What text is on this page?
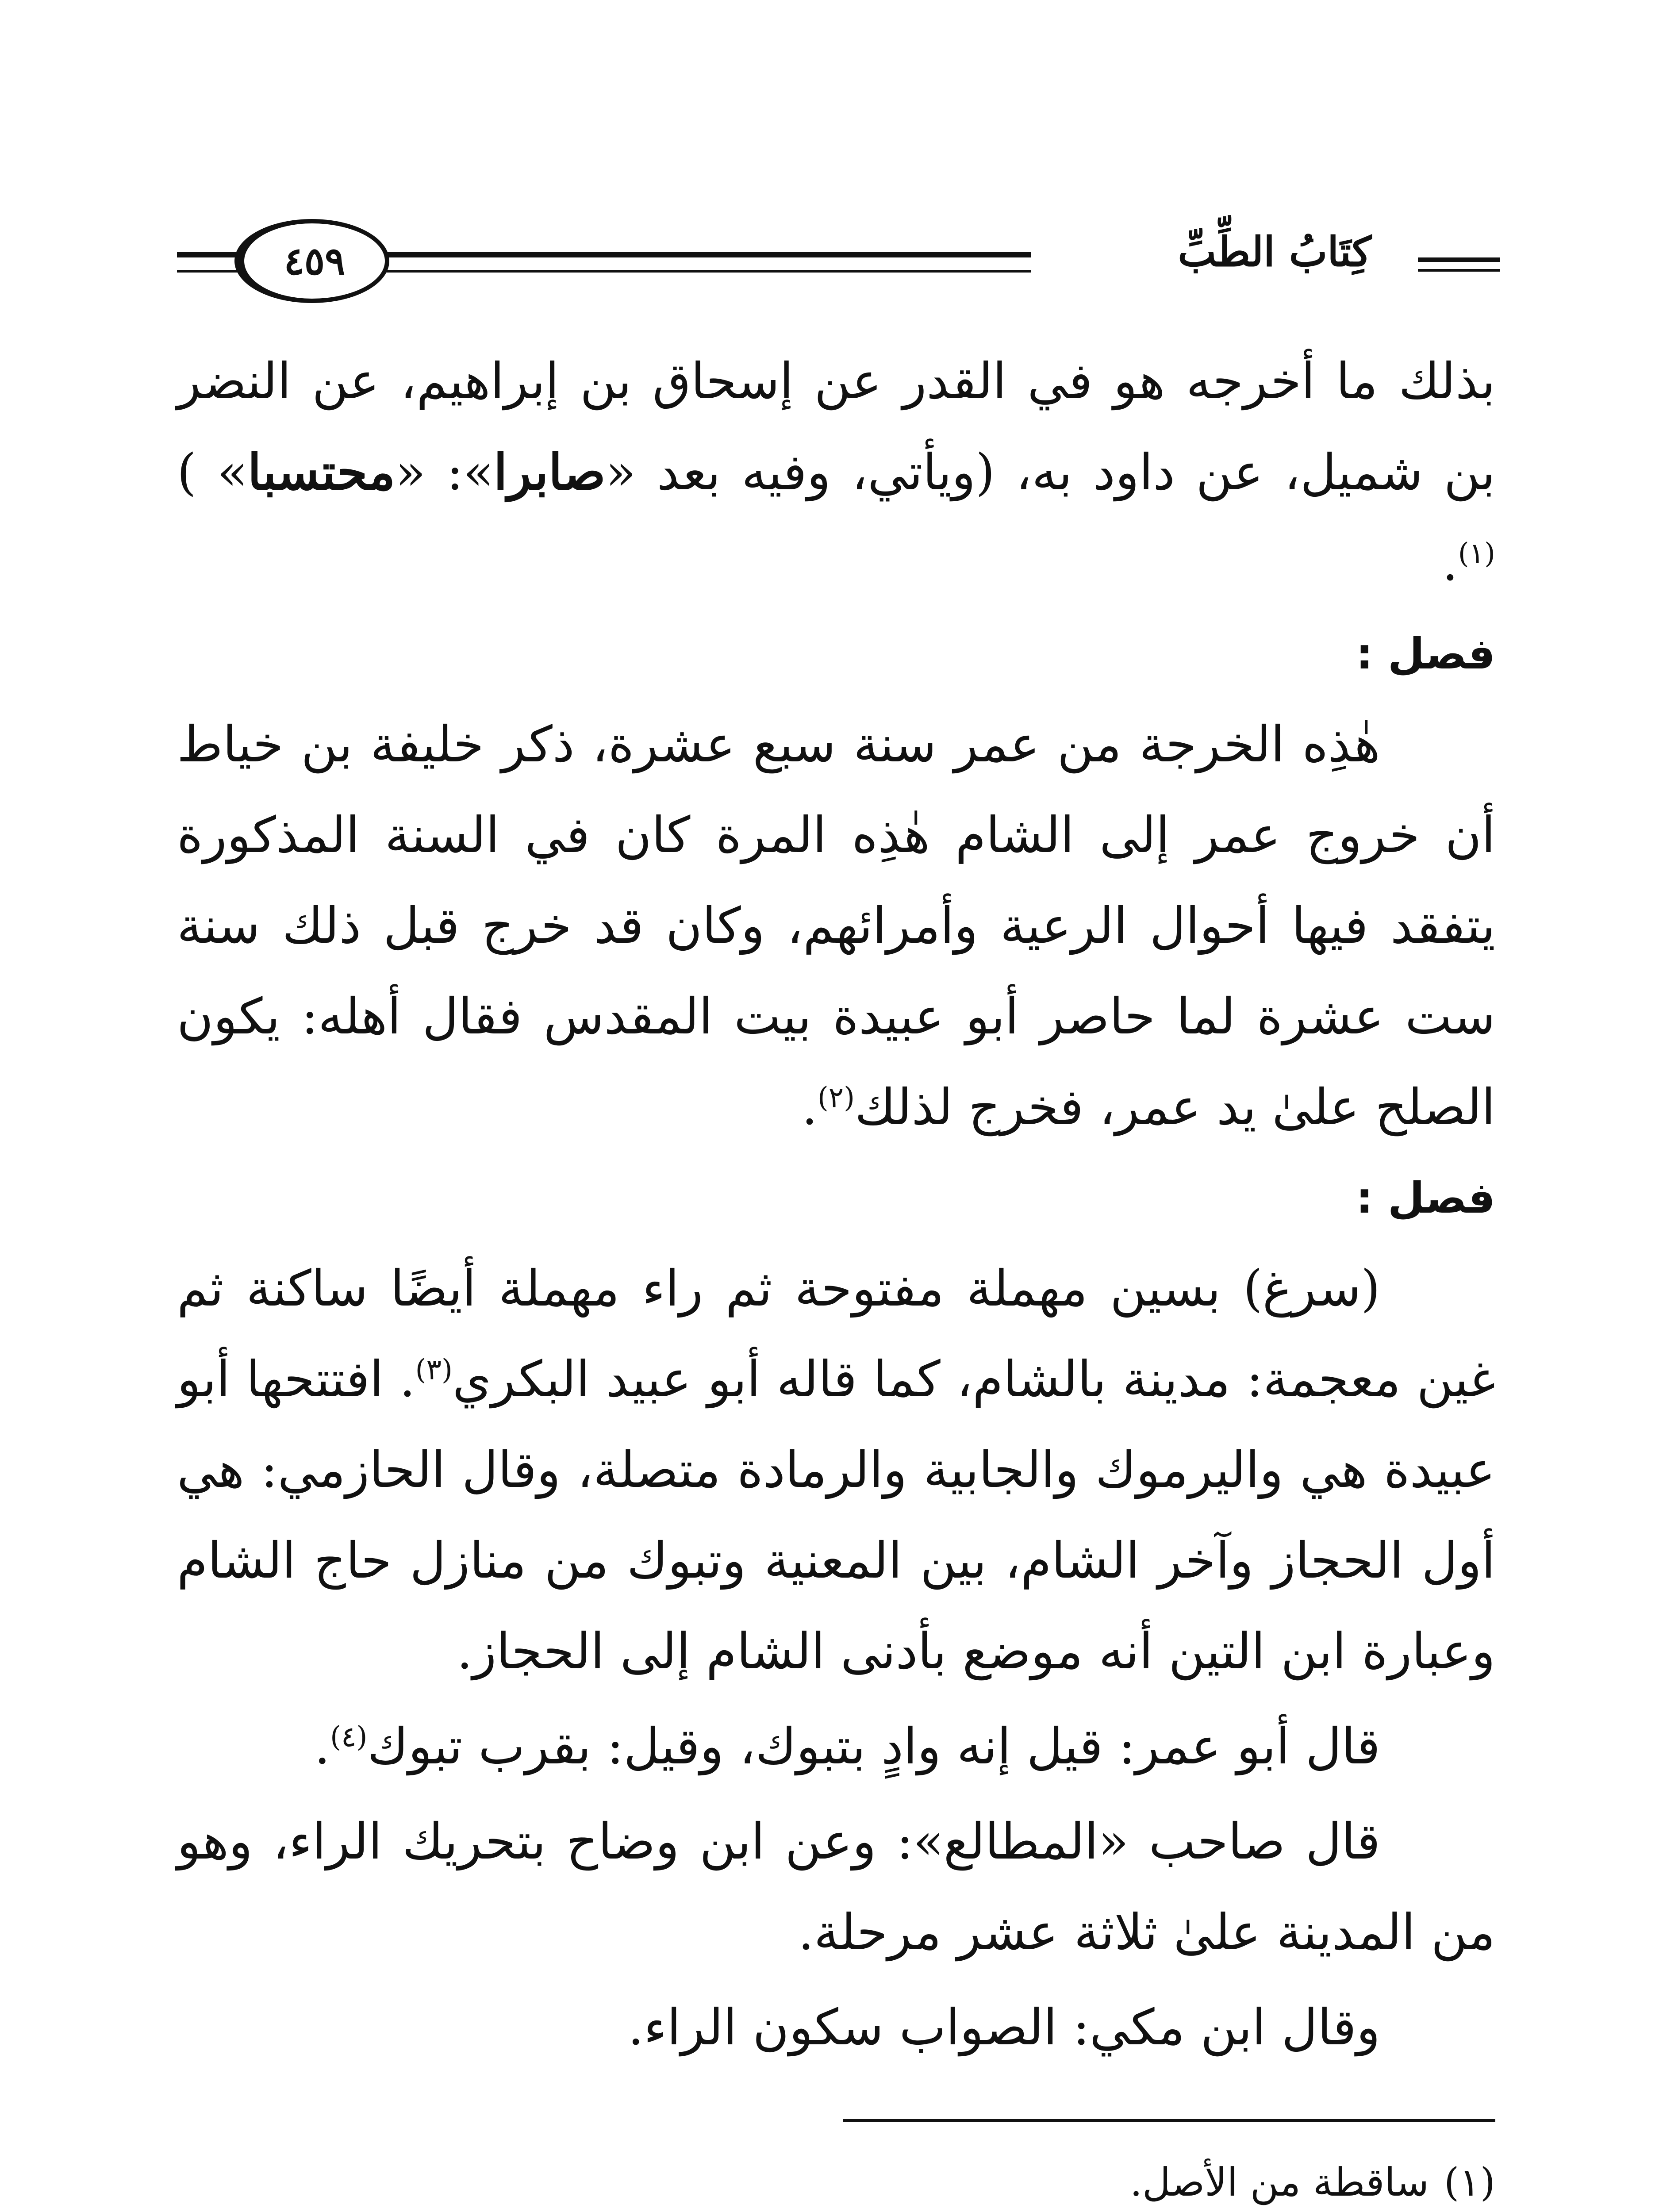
كِتَابُ الطِّبِّ
٤٥٩

بذلك ما أخرجه هو في القدر عن إسحاق بن إبراهيم، عن النضر بن شميل، عن داود به، (ويأتي، وفيه بعد «صابرا»: «محتسبا» )$^{(١)}$.

فصل :

هٰذِه الخرجة من عمر سنة سبع عشرة، ذكر خليفة بن خياط أن خروج عمر إلى الشام هٰذِه المرة كان في السنة المذكورة يتفقد فيها أحوال الرعية وأمرائهم، وكان قد خرج قبل ذلك سنة ست عشرة لما حاصر أبو عبيدة بيت المقدس فقال أهله: يكون الصلح علىٰ يد عمر، فخرج لذلك$^{(٢)}$.

فصل :

(سرغ) بسين مهملة مفتوحة ثم راء مهملة أيضًا ساكنة ثم غين معجمة: مدينة بالشام، كما قاله أبو عبيد البكري$^{(٣)}$. افتتحها أبو عبيدة هي واليرموك والجابية والرمادة متصلة، وقال الحازمي: هي أول الحجاز وآخر الشام، بين المعنية وتبوك من منازل حاج الشام وعبارة ابن التين أنه موضع بأدنى الشام إلى الحجاز.

قال أبو عمر: قيل إنه وادٍ بتبوك، وقيل: بقرب تبوك$^{(٤)}$.

قال صاحب «المطالع»: وعن ابن وضاح بتحريك الراء، وهو من المدينة علىٰ ثلاثة عشر مرحلة.

وقال ابن مكي: الصواب سكون الراء.

(١)ساقطة من الأصل.
